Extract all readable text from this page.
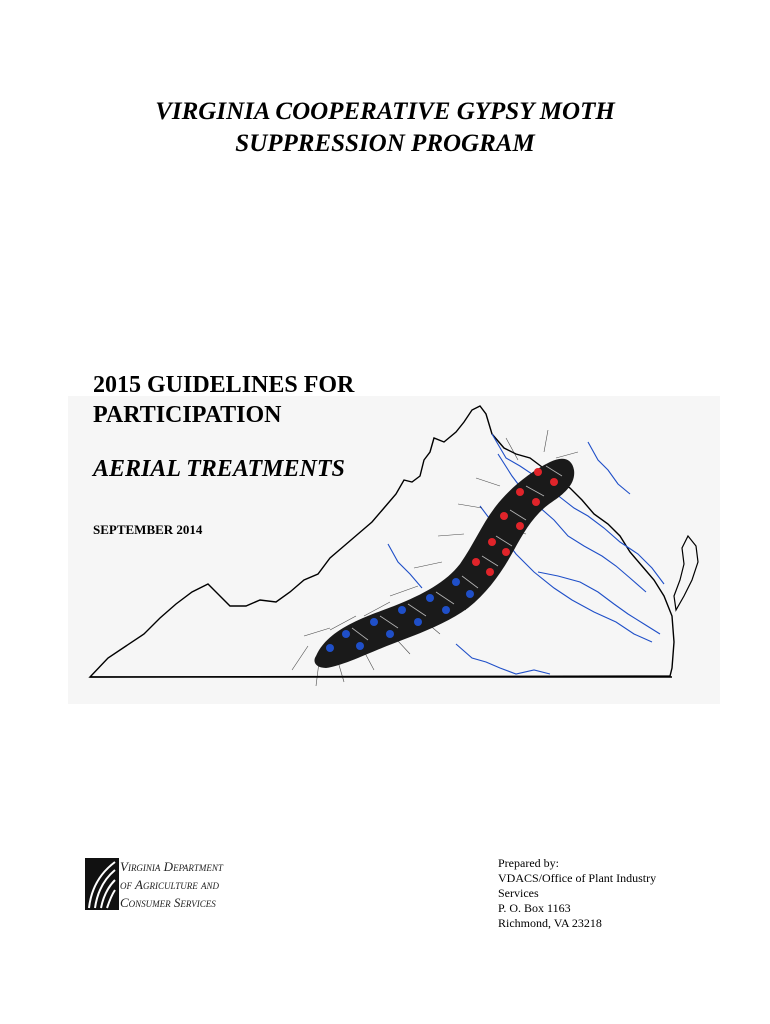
VIRGINIA COOPERATIVE GYPSY MOTH
SUPPRESSION PROGRAM
2015 GUIDELINES FOR
PARTICIPATION
AERIAL TREATMENTS
SEPTEMBER 2014
Virginia Department
of Agriculture and
Consumer Services
Prepared by:
VDACS/Office of Plant Industry
Services
P. O. Box 1163
Richmond, VA 23218
